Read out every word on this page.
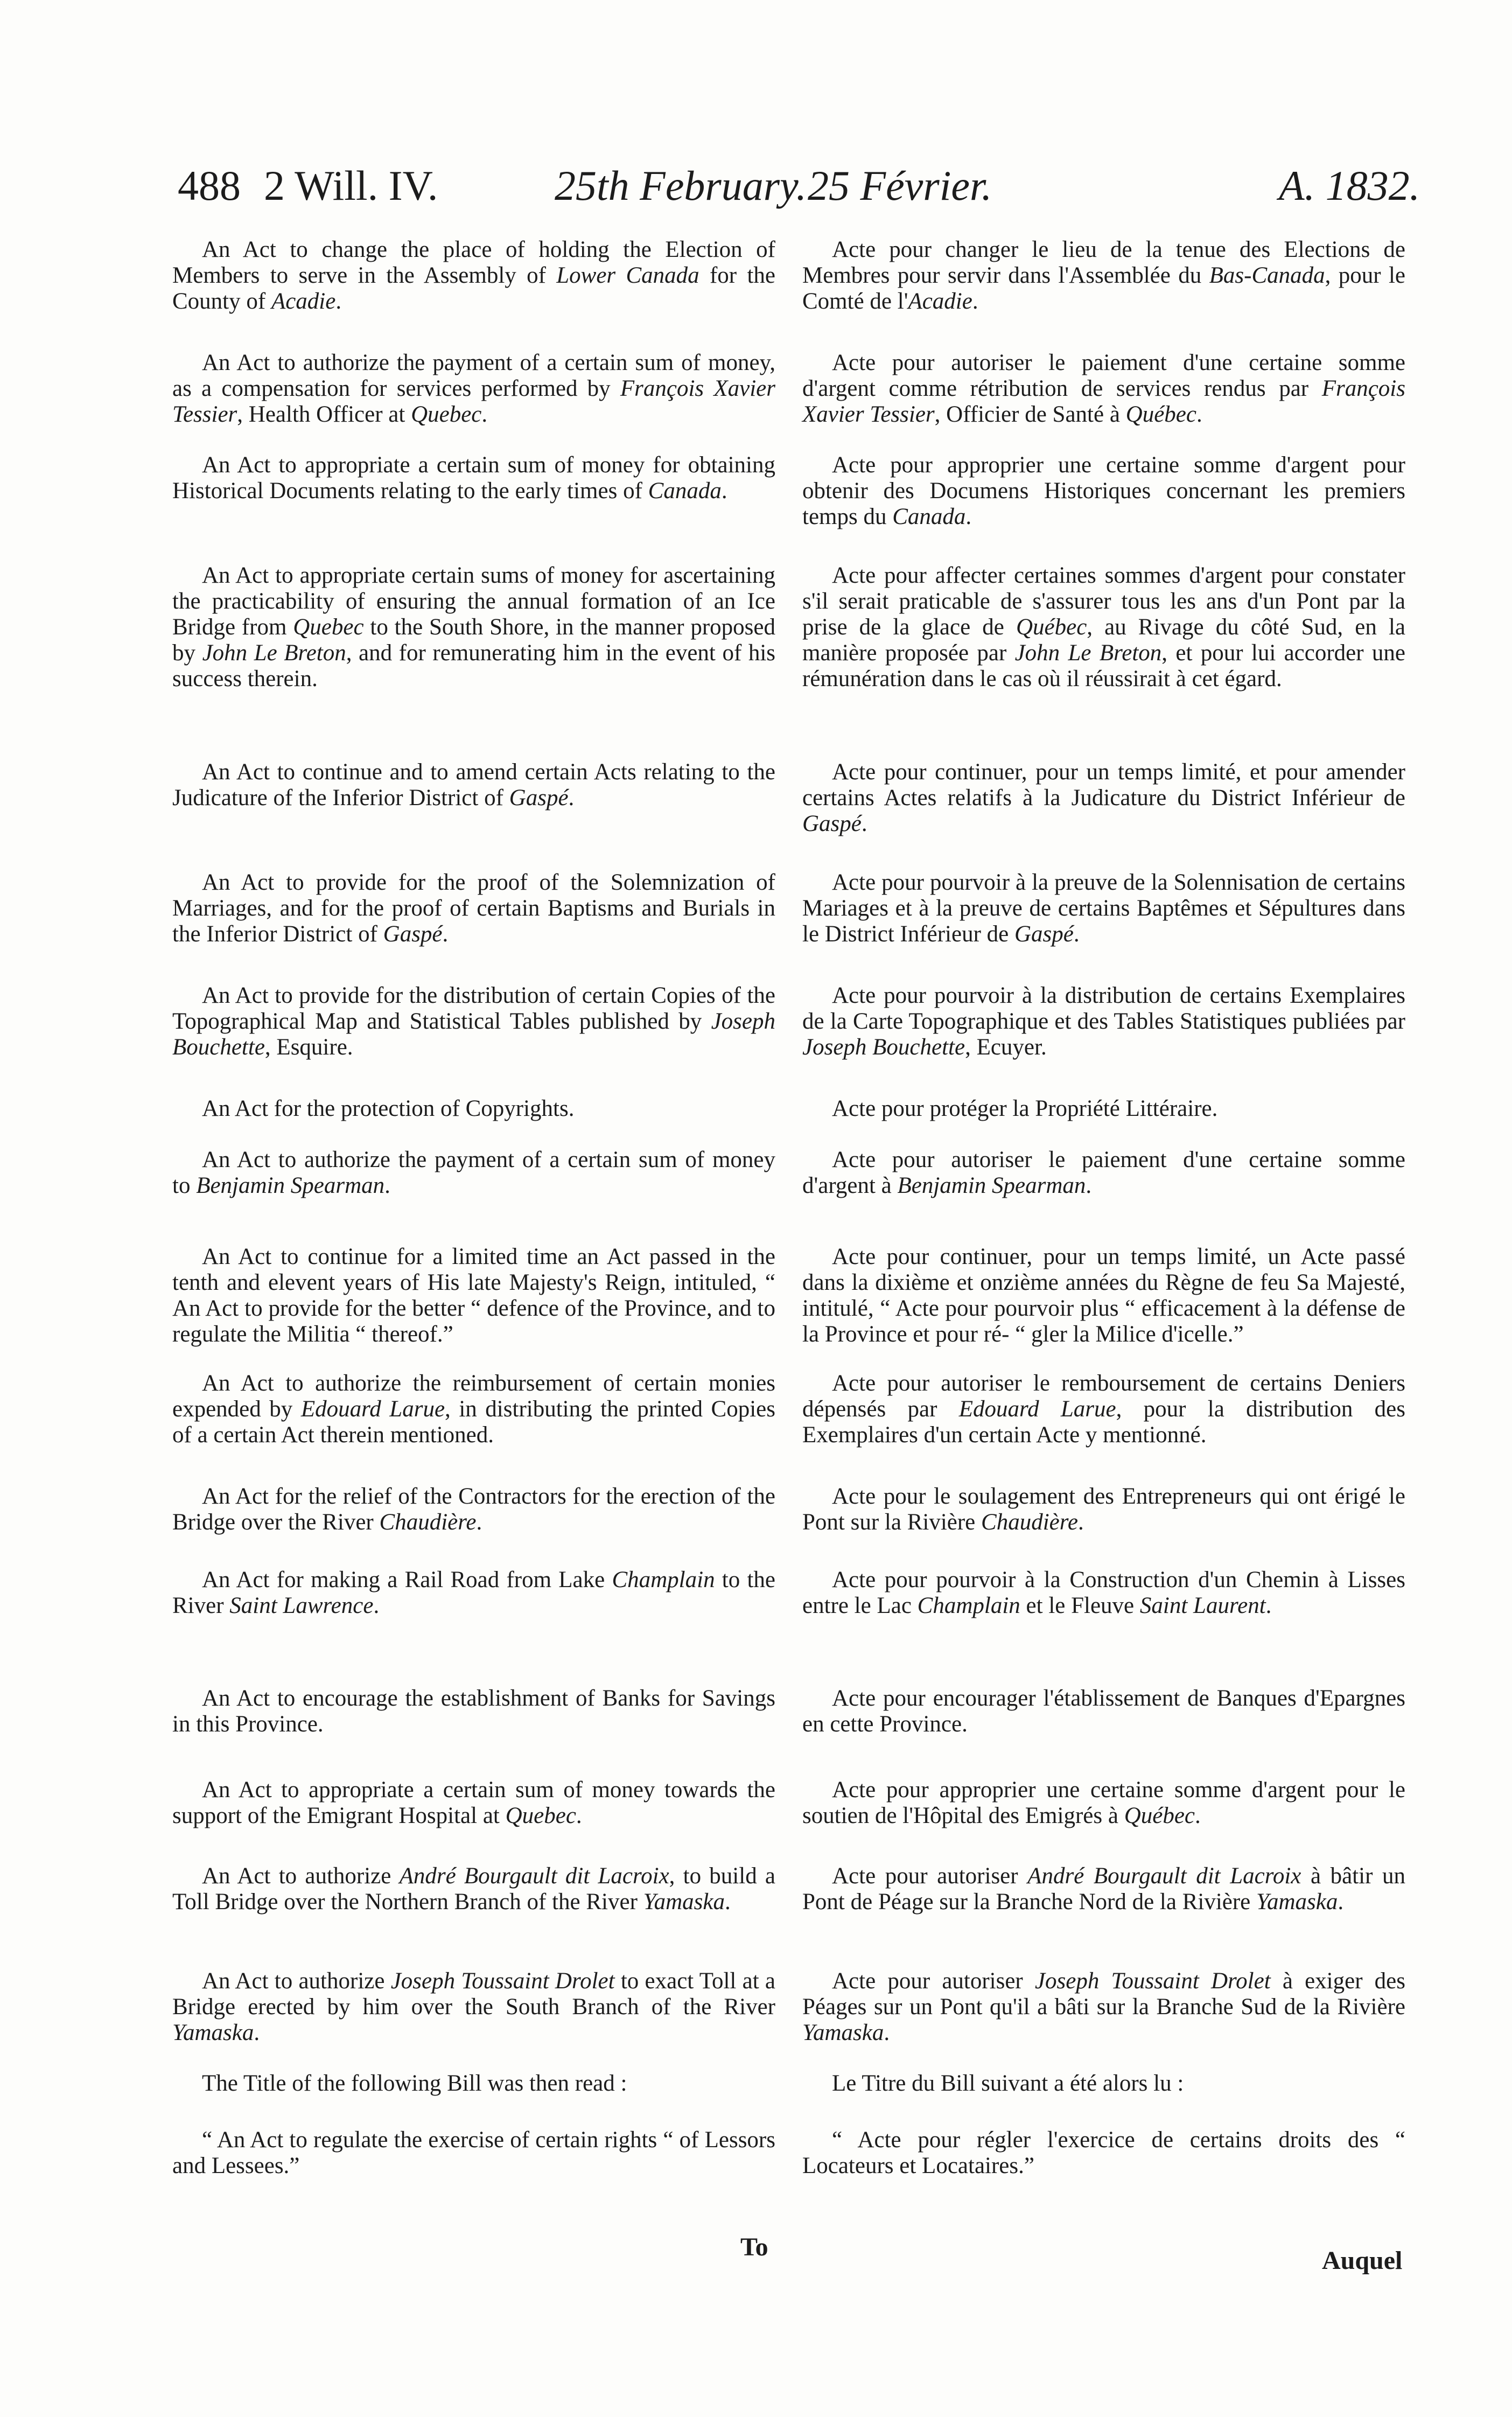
488 2 Will. IV.	25th February. 25 Février.	A. 1832.

An Act to change the place of holding the Election of Members to serve in the Assembly of Lower Canada for the County of Acadie.

An Act to authorize the payment of a certain sum of money, as a compensation for services performed by François Xavier Tessier, Health Officer at Quebec.

An Act to appropriate a certain sum of money for obtaining Historical Documents relating to the early times of Canada.

An Act to appropriate certain sums of money for ascertaining the practicability of ensuring the annual formation of an Ice Bridge from Quebec to the South Shore, in the manner proposed by John Le Breton, and for remunerating him in the event of his success therein.

An Act to continue and to amend certain Acts relating to the Judicature of the Inferior District of Gaspé.

An Act to provide for the proof of the Solemnization of Marriages, and for the proof of certain Baptisms and Burials in the Inferior District of Gaspé.

An Act to provide for the distribution of certain Copies of the Topographical Map and Statistical Tables published by Joseph Bouchette, Esquire.

An Act for the protection of Copyrights.

An Act to authorize the payment of a certain sum of money to Benjamin Spearman.

An Act to continue for a limited time an Act passed in the tenth and elevent years of His late Majesty's Reign, intituled, “ An Act to provide for the better “ defence of the Province, and to regulate the Militia “ thereof.”

An Act to authorize the reimbursement of certain monies expended by Edouard Larue, in distributing the printed Copies of a certain Act therein mentioned.

An Act for the relief of the Contractors for the erection of the Bridge over the River Chaudière.

An Act for making a Rail Road from Lake Champlain to the River Saint Lawrence.

An Act to encourage the establishment of Banks for Savings in this Province.

An Act to appropriate a certain sum of money towards the support of the Emigrant Hospital at Quebec.

An Act to authorize André Bourgault dit Lacroix, to build a Toll Bridge over the Northern Branch of the River Yamaska.

An Act to authorize Joseph Toussaint Drolet to exact Toll at a Bridge erected by him over the South Branch of the River Yamaska.

The Title of the following Bill was then read :

“ An Act to regulate the exercise of certain rights “ of Lessors and Lessees.”

Acte pour changer le lieu de la tenue des Elections de Membres pour servir dans l'Assemblée du Bas-Canada, pour le Comté de l'Acadie.

Acte pour autoriser le paiement d'une certaine somme d'argent comme rétribution de services rendus par François Xavier Tessier, Officier de Santé à Québec.

Acte pour approprier une certaine somme d'argent pour obtenir des Documens Historiques concernant les premiers temps du Canada.

Acte pour affecter certaines sommes d'argent pour constater s'il serait praticable de s'assurer tous les ans d'un Pont par la prise de la glace de Québec, au Rivage du côté Sud, en la manière proposée par John Le Breton, et pour lui accorder une rémunération dans le cas où il réussirait à cet égard.

Acte pour continuer, pour un temps limité, et pour amender certains Actes relatifs à la Judicature du District Inférieur de Gaspé.

Acte pour pourvoir à la preuve de la Solennisation de certains Mariages et à la preuve de certains Baptêmes et Sépultures dans le District Inférieur de Gaspé.

Acte pour pourvoir à la distribution de certains Exemplaires de la Carte Topographique et des Tables Statistiques publiées par Joseph Bouchette, Ecuyer.

Acte pour protéger la Propriété Littéraire.

Acte pour autoriser le paiement d'une certaine somme d'argent à Benjamin Spearman.

Acte pour continuer, pour un temps limité, un Acte passé dans la dixième et onzième années du Règne de feu Sa Majesté, intitulé, “ Acte pour pourvoir plus “ efficacement à la défense de la Province et pour ré- “ gler la Milice d'icelle.”

Acte pour autoriser le remboursement de certains Deniers dépensés par Edouard Larue, pour la distribution des Exemplaires d'un certain Acte y mentionné.

Acte pour le soulagement des Entrepreneurs qui ont érigé le Pont sur la Rivière Chaudière.

Acte pour pourvoir à la Construction d'un Chemin à Lisses entre le Lac Champlain et le Fleuve Saint Laurent.

Acte pour encourager l'établissement de Banques d'Epargnes en cette Province.

Acte pour approprier une certaine somme d'argent pour le soutien de l'Hôpital des Emigrés à Québec.

Acte pour autoriser André Bourgault dit Lacroix à bâtir un Pont de Péage sur la Branche Nord de la Rivière Yamaska.

Acte pour autoriser Joseph Toussaint Drolet à exiger des Péages sur un Pont qu'il a bâti sur la Branche Sud de la Rivière Yamaska.

Le Titre du Bill suivant a été alors lu :

“ Acte pour régler l'exercice de certains droits des “ Locateurs et Locataires.”

To	Auquel
